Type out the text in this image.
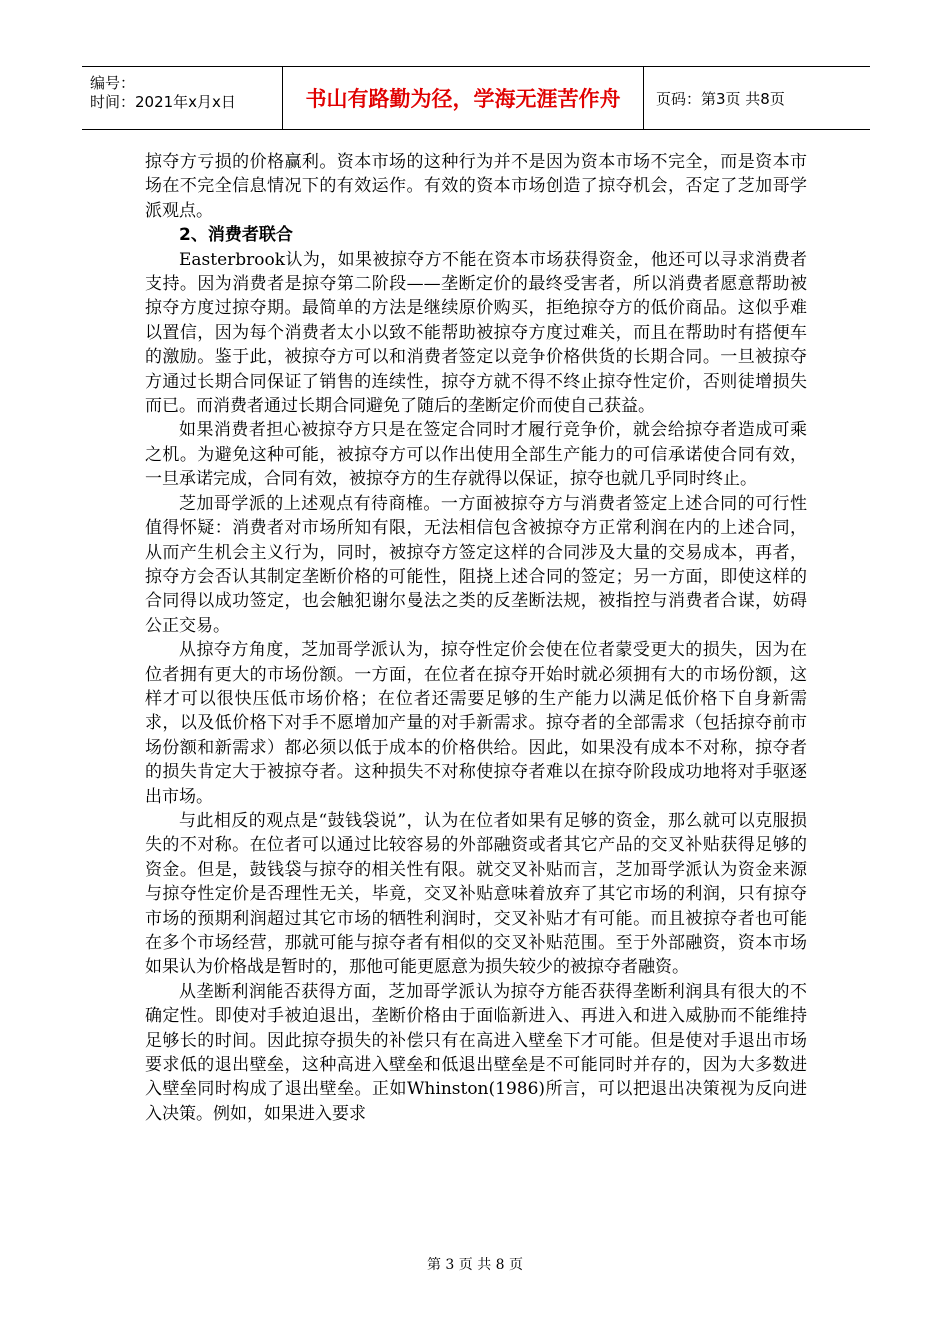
编号：
时间：2021年x月x日	书山有路勤为径，学海无涯苦作舟	页码：第3页 共8页

掠夺方亏损的价格赢利。资本市场的这种行为并不是因为资本市场不完全，而是资本市场在不完全信息情况下的有效运作。有效的资本市场创造了掠夺机会，否定了芝加哥学派观点。

2、消费者联合

Easterbrook认为，如果被掠夺方不能在资本市场获得资金，他还可以寻求消费者支持。因为消费者是掠夺第二阶段——垄断定价的最终受害者，所以消费者愿意帮助被掠夺方度过掠夺期。最简单的方法是继续原价购买，拒绝掠夺方的低价商品。这似乎难以置信，因为每个消费者太小以致不能帮助被掠夺方度过难关，而且在帮助时有搭便车的激励。鉴于此，被掠夺方可以和消费者签定以竞争价格供货的长期合同。一旦被掠夺方通过长期合同保证了销售的连续性，掠夺方就不得不终止掠夺性定价，否则徒增损失而已。而消费者通过长期合同避免了随后的垄断定价而使自己获益。

如果消费者担心被掠夺方只是在签定合同时才履行竞争价，就会给掠夺者造成可乘之机。为避免这种可能，被掠夺方可以作出使用全部生产能力的可信承诺使合同有效，一旦承诺完成，合同有效，被掠夺方的生存就得以保证，掠夺也就几乎同时终止。

芝加哥学派的上述观点有待商榷。一方面被掠夺方与消费者签定上述合同的可行性值得怀疑：消费者对市场所知有限，无法相信包含被掠夺方正常利润在内的上述合同，从而产生机会主义行为，同时，被掠夺方签定这样的合同涉及大量的交易成本，再者，掠夺方会否认其制定垄断价格的可能性，阻挠上述合同的签定；另一方面，即使这样的合同得以成功签定，也会触犯谢尔曼法之类的反垄断法规，被指控与消费者合谋，妨碍公正交易。

从掠夺方角度，芝加哥学派认为，掠夺性定价会使在位者蒙受更大的损失，因为在位者拥有更大的市场份额。一方面，在位者在掠夺开始时就必须拥有大的市场份额，这样才可以很快压低市场价格；在位者还需要足够的生产能力以满足低价格下自身新需求，以及低价格下对手不愿增加产量的对手新需求。掠夺者的全部需求（包括掠夺前市场份额和新需求）都必须以低于成本的价格供给。因此，如果没有成本不对称，掠夺者的损失肯定大于被掠夺者。这种损失不对称使掠夺者难以在掠夺阶段成功地将对手驱逐出市场。

与此相反的观点是“鼓钱袋说”，认为在位者如果有足够的资金，那么就可以克服损失的不对称。在位者可以通过比较容易的外部融资或者其它产品的交叉补贴获得足够的资金。但是，鼓钱袋与掠夺的相关性有限。就交叉补贴而言，芝加哥学派认为资金来源与掠夺性定价是否理性无关，毕竟，交叉补贴意味着放弃了其它市场的利润，只有掠夺市场的预期利润超过其它市场的牺牲利润时，交叉补贴才有可能。而且被掠夺者也可能在多个市场经营，那就可能与掠夺者有相似的交叉补贴范围。至于外部融资，资本市场如果认为价格战是暂时的，那他可能更愿意为损失较少的被掠夺者融资。

从垄断利润能否获得方面，芝加哥学派认为掠夺方能否获得垄断利润具有很大的不确定性。即使对手被迫退出，垄断价格由于面临新进入、再进入和进入威胁而不能维持足够长的时间。因此掠夺损失的补偿只有在高进入壁垒下才可能。但是使对手退出市场要求低的退出壁垒，这种高进入壁垒和低退出壁垒是不可能同时并存的，因为大多数进入壁垒同时构成了退出壁垒。正如Whinston(1986)所言，可以把退出决策视为反向进入决策。例如，如果进入要求

第 3 页 共 8 页
